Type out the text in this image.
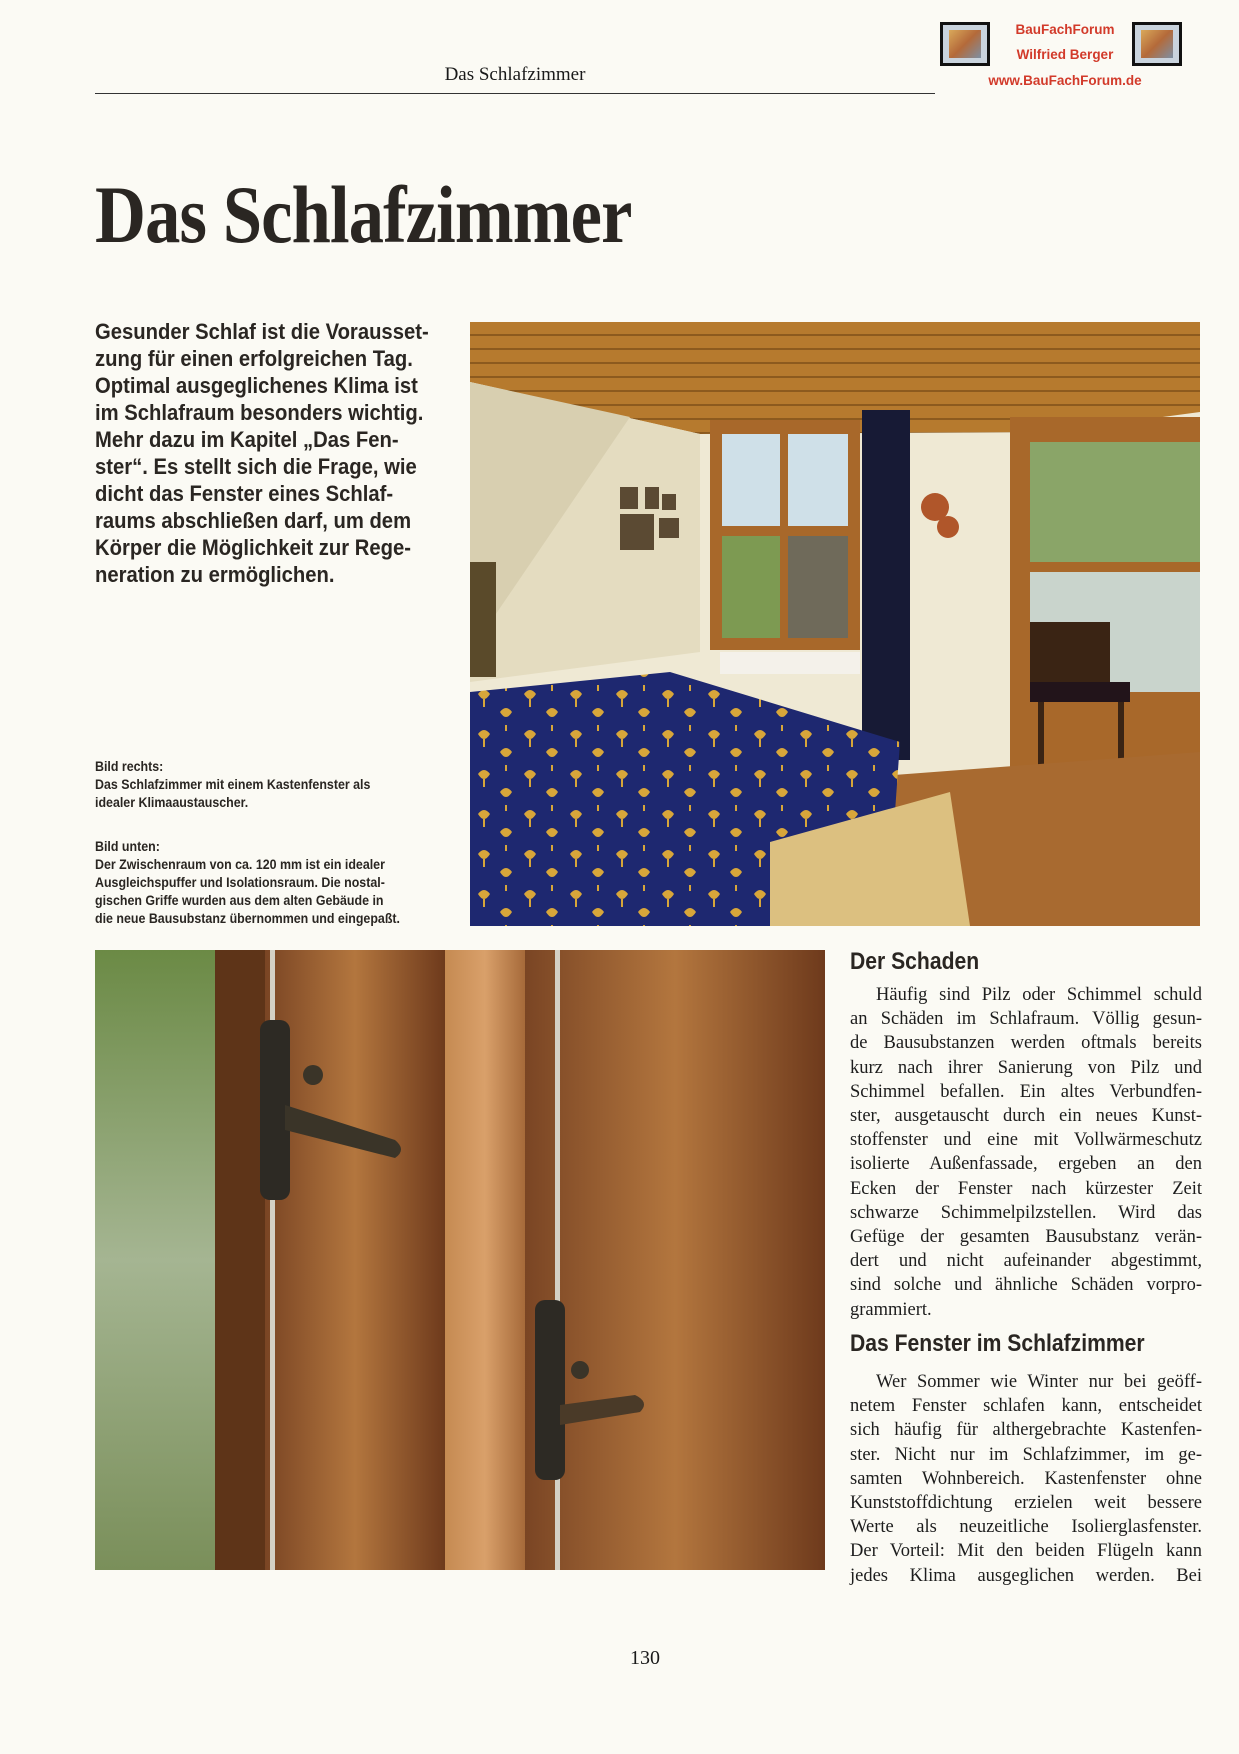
Das Schlafzimmer
BauFachForum
Wilfried Berger
www.BauFachForum.de
Das Schlafzimmer
Gesunder Schlaf ist die Vorausset-
zung für einen erfolgreichen Tag.
Optimal ausgeglichenes Klima ist
im Schlafraum besonders wichtig.
Mehr dazu im Kapitel „Das Fen-
ster“. Es stellt sich die Frage, wie
dicht das Fenster eines Schlaf-
raums abschließen darf, um dem
Körper die Möglichkeit zur Rege-
neration zu ermöglichen.
Bild rechts:
Das Schlafzimmer mit einem Kastenfenster als
idealer Klimaaustauscher.
Bild unten:
Der Zwischenraum von ca. 120 mm ist ein idealer
Ausgleichspuffer und Isolationsraum. Die nostal-
gischen Griffe wurden aus dem alten Gebäude in
die neue Bausubstanz übernommen und eingepaßt.
Der Schaden
Häufig sind Pilz oder Schimmel schuld
an Schäden im Schlafraum. Völlig gesun-
de Bausubstanzen werden oftmals bereits
kurz nach ihrer Sanierung von Pilz und
Schimmel befallen. Ein altes Verbundfen-
ster, ausgetauscht durch ein neues Kunst-
stoffenster und eine mit Vollwärmeschutz
isolierte Außenfassade, ergeben an den
Ecken der Fenster nach kürzester Zeit
schwarze Schimmelpilzstellen. Wird das
Gefüge der gesamten Bausubstanz verän-
dert und nicht aufeinander abgestimmt,
sind solche und ähnliche Schäden vorpro-
grammiert.
Das Fenster im Schlafzimmer
Wer Sommer wie Winter nur bei geöff-
netem Fenster schlafen kann, entscheidet
sich häufig für althergebrachte Kastenfen-
ster. Nicht nur im Schlafzimmer, im ge-
samten Wohnbereich. Kastenfenster ohne
Kunststoffdichtung erzielen weit bessere
Werte als neuzeitliche Isolierglasfenster.
Der Vorteil: Mit den beiden Flügeln kann
jedes Klima ausgeglichen werden. Bei
130
